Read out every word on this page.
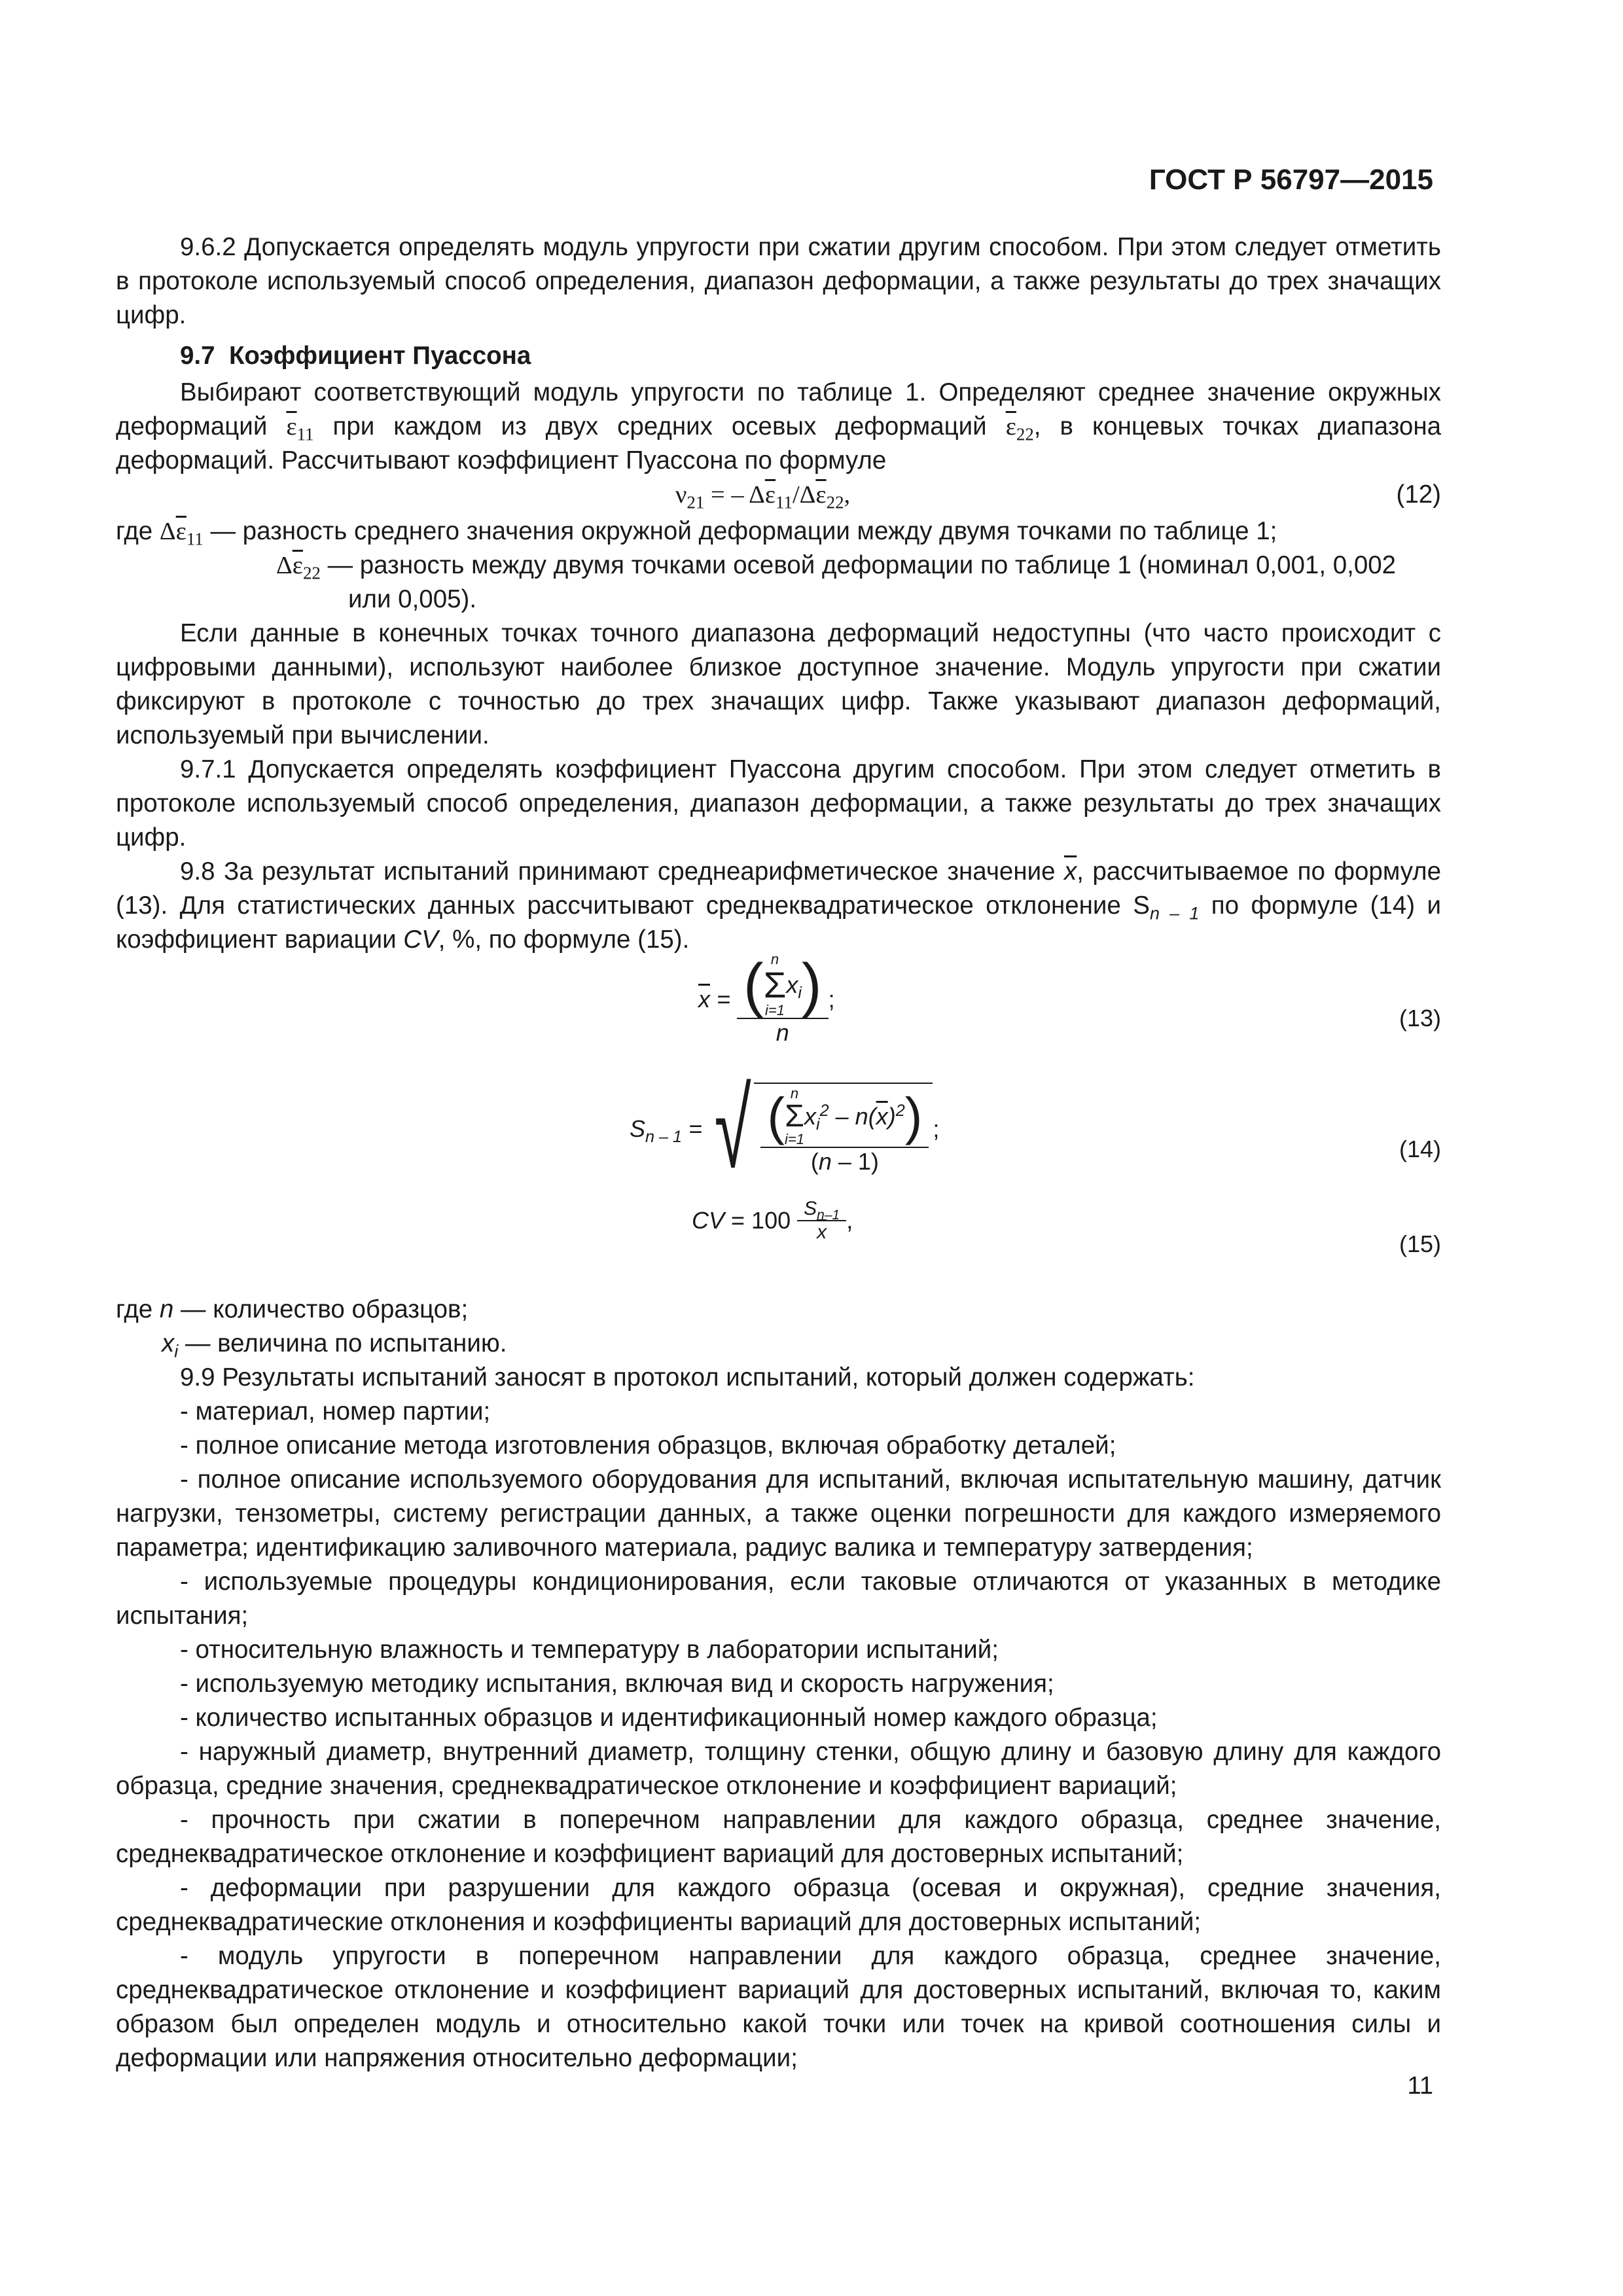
ГОСТ Р 56797—2015

9.6.2 Допускается определять модуль упругости при сжатии другим способом. При этом следует отметить в протоколе используемый способ определения, диапазон деформации, а также результаты до трех значащих цифр.

9.7 Коэффициент Пуассона

Выбирают соответствующий модуль упругости по таблице 1. Определяют среднее значение окружных деформаций $\overline{\varepsilon}_{11}$ при каждом из двух средних осевых деформаций $\overline{\varepsilon}_{22}$, в концевых точках диапазона деформаций. Рассчитывают коэффициент Пуассона по формуле

$\nu_{21}$ = – $\Delta\overline{\varepsilon}_{11}/\Delta\overline{\varepsilon}_{22}$,	(12)

где $\Delta\overline{\varepsilon}_{11}$ — разность среднего значения окружной деформации между двумя точками по таблице 1;

$\Delta\overline{\varepsilon}_{22}$ — разность между двумя точками осевой деформации по таблице 1 (номинал 0,001, 0,002 или 0,005).

Если данные в конечных точках точного диапазона деформаций недоступны (что часто происходит с цифровыми данными), используют наиболее близкое доступное значение. Модуль упругости при сжатии фиксируют в протоколе с точностью до трех значащих цифр. Также указывают диапазон деформаций, используемый при вычислении.

9.7.1 Допускается определять коэффициент Пуассона другим способом. При этом следует отметить в протоколе используемый способ определения, диапазон деформации, а также результаты до трех значащих цифр.

9.8 За результат испытаний принимают среднеарифметическое значение $\overline{x}$, рассчитываемое по формуле (13). Для статистических данных рассчитывают среднеквадратическое отклонение $S_{n - 1}$ по формуле (14) и коэффициент вариации CV, %, по формуле (15).

$\overline{x}$ = ( n
Σ
i=1
$x_i$)
n ;
(13)
$S_{n - 1}$ = √ ( n
Σ
i=1
$x_i^2 - n(\overline{x})^2$)
(n – 1) ;
(14)
CV = $100 \frac{S_{n-1}}{x}$ ,
(15)

где n — количество образцов;

$x_i$ — величина по испытанию.

9.9 Результаты испытаний заносят в протокол испытаний, который должен содержать:

- материал, номер партии;

- полное описание метода изготовления образцов, включая обработку деталей;

- полное описание используемого оборудования для испытаний, включая испытательную машину, датчик нагрузки, тензометры, систему регистрации данных, а также оценки погрешности для каждого измеряемого параметра; идентификацию заливочного материала, радиус валика и температуру затвердения;

- используемые процедуры кондиционирования, если таковые отличаются от указанных в методике испытания;

- относительную влажность и температуру в лаборатории испытаний;

- используемую методику испытания, включая вид и скорость нагружения;

- количество испытанных образцов и идентификационный номер каждого образца;

- наружный диаметр, внутренний диаметр, толщину стенки, общую длину и базовую длину для каждого образца, средние значения, среднеквадратическое отклонение и коэффициент вариаций;

- прочность при сжатии в поперечном направлении для каждого образца, среднее значение, среднеквадратическое отклонение и коэффициент вариаций для достоверных испытаний;

- деформации при разрушении для каждого образца (осевая и окружная), средние значения, среднеквадратические отклонения и коэффициенты вариаций для достоверных испытаний;

- модуль упругости в поперечном направлении для каждого образца, среднее значение, среднеквадратическое отклонение и коэффициент вариаций для достоверных испытаний, включая то, каким образом был определен модуль и относительно какой точки или точек на кривой соотношения силы и деформации или напряжения относительно деформации;

11
